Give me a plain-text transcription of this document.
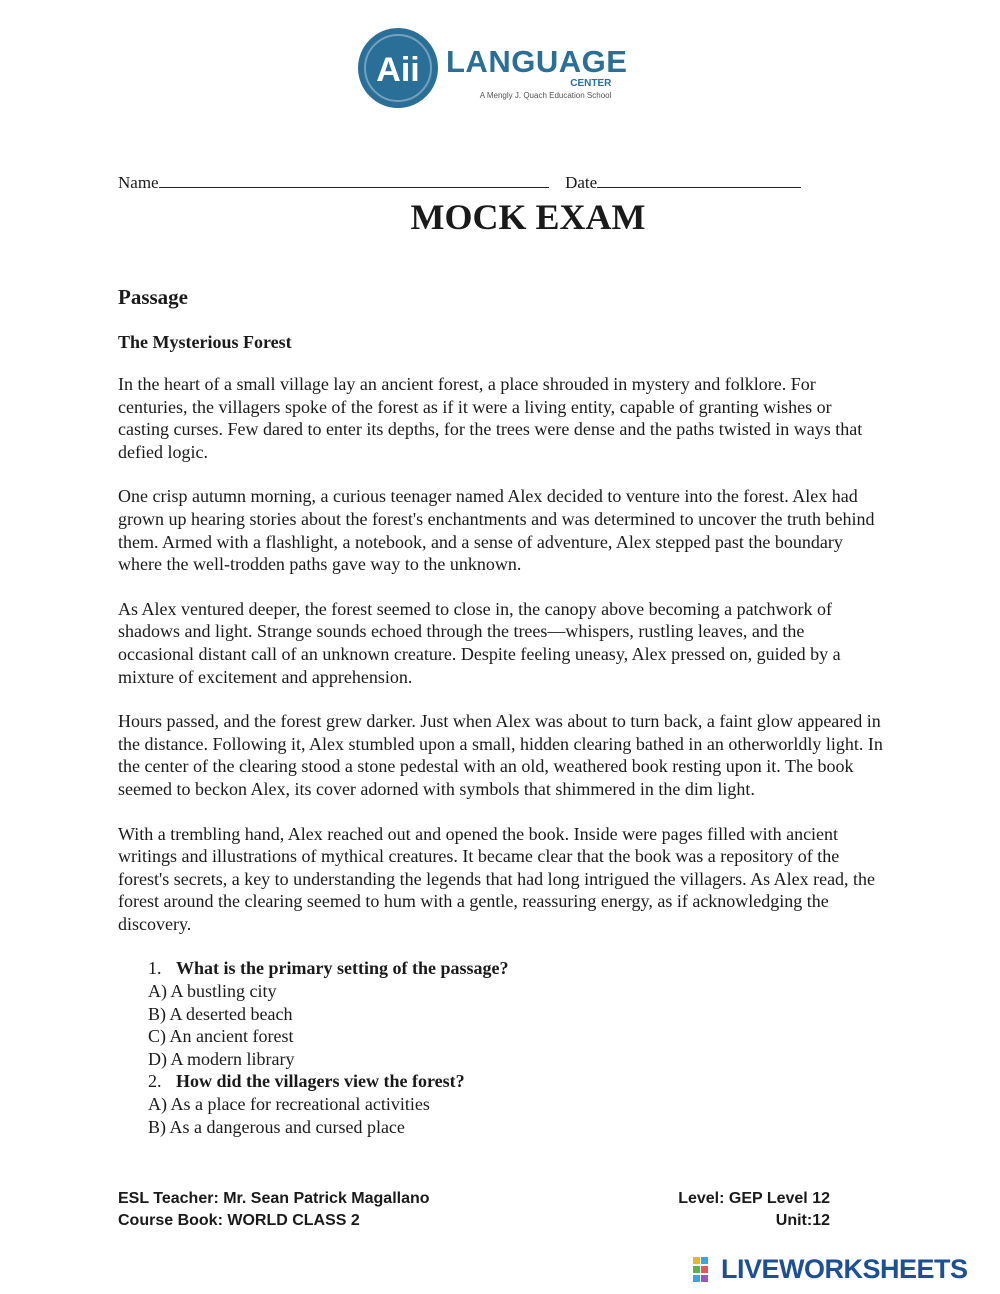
Aii LANGUAGE
CENTER
A Mengly J. Quach Education School
Name	Date
MOCK EXAM
Passage
The Mysterious Forest

In the heart of a small village lay an ancient forest, a place shrouded in mystery and folklore. For centuries, the villagers spoke of the forest as if it were a living entity, capable of granting wishes or casting curses. Few dared to enter its depths, for the trees were dense and the paths twisted in ways that defied logic.

One crisp autumn morning, a curious teenager named Alex decided to venture into the forest. Alex had grown up hearing stories about the forest's enchantments and was determined to uncover the truth behind them. Armed with a flashlight, a notebook, and a sense of adventure, Alex stepped past the boundary where the well-trodden paths gave way to the unknown.

As Alex ventured deeper, the forest seemed to close in, the canopy above becoming a patchwork of shadows and light. Strange sounds echoed through the trees—whispers, rustling leaves, and the occasional distant call of an unknown creature. Despite feeling uneasy, Alex pressed on, guided by a mixture of excitement and apprehension.

Hours passed, and the forest grew darker. Just when Alex was about to turn back, a faint glow appeared in the distance. Following it, Alex stumbled upon a small, hidden clearing bathed in an otherworldly light. In the center of the clearing stood a stone pedestal with an old, weathered book resting upon it. The book seemed to beckon Alex, its cover adorned with symbols that shimmered in the dim light.

With a trembling hand, Alex reached out and opened the book. Inside were pages filled with ancient writings and illustrations of mythical creatures. It became clear that the book was a repository of the forest's secrets, a key to understanding the legends that had long intrigued the villagers. As Alex read, the forest around the clearing seemed to hum with a gentle, reassuring energy, as if acknowledging the discovery.

1. What is the primary setting of the passage?
A) A bustling city
B) A deserted beach
C) An ancient forest
D) A modern library
2. How did the villagers view the forest?
A) As a place for recreational activities
B) As a dangerous and cursed place
ESL Teacher: Mr. Sean Patrick Magallano	Level: GEP Level 12
Course Book: WORLD CLASS 2	Unit:12
LIVEWORKSHEETS
